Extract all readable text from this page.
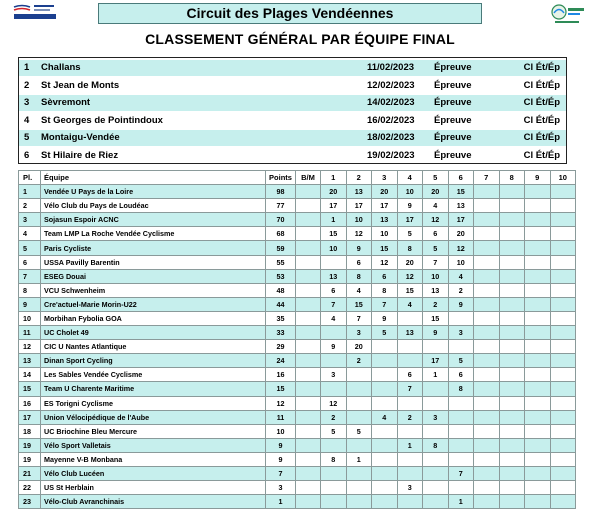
Circuit des Plages Vendéennes
CLASSEMENT GÉNÉRAL PAR ÉQUIPE FINAL
1 Challans	11/02/2023 Épreuve	Cl Ét/Ép
2 St Jean de Monts	12/02/2023 Épreuve	Cl Ét/Ép
3 Sèvremont	14/02/2023 Épreuve	Cl Ét/Ép
4 St Georges de Pointindoux	16/02/2023 Épreuve	Cl Ét/Ép
5 Montaigu-Vendée	18/02/2023 Épreuve	Cl Ét/Ép
6 St Hilaire de Riez	19/02/2023 Épreuve	Cl Ét/Ép
Pl.	Équipe	Points	B/M	1	2	3	4	5	6	7	8	9	10	
1	Vendée U Pays de la Loire	98		20	13	20	10	20	15					
2	Vélo Club du Pays de Loudéac	77		17	17	17	9	4	13					
3	Sojasun Espoir ACNC	70		1	10	13	17	12	17					
4	Team LMP La Roche Vendée Cyclisme	68		15	12	10	5	6	20					
5	Paris Cycliste	59		10	9	15	8	5	12					
6	USSA Pavilly Barentin	55			6	12	20	7	10					
7	ESEG Douai	53		13	8	6	12	10	4					
8	VCU Schwenheim	48		6	4	8	15	13	2					
9	Cre'actuel-Marie Morin-U22	44		7	15	7	4	2	9					
10	Morbihan Fybolia GOA	35		4	7	9		15						
11	UC Cholet 49	33			3	5	13	9	3					
12	CIC U Nantes Atlantique	29		9	20									
13	Dinan Sport Cycling	24			2			17	5					
14	Les Sables Vendée Cyclisme	16		3			6	1	6					
15	Team U Charente Maritime	15					7		8					
16	ES Torigni Cyclisme	12		12										
17	Union Vélocipédique de l'Aube	11		2		4	2	3						
18	UC Briochine Bleu Mercure	10		5	5									
19	Vélo Sport Valletais	9					1	8						
19	Mayenne V-B Monbana	9		8	1									
21	Vélo Club Lucéen	7							7					
22	US St Herblain	3					3							
23	Vélo-Club Avranchinais	1							1					
